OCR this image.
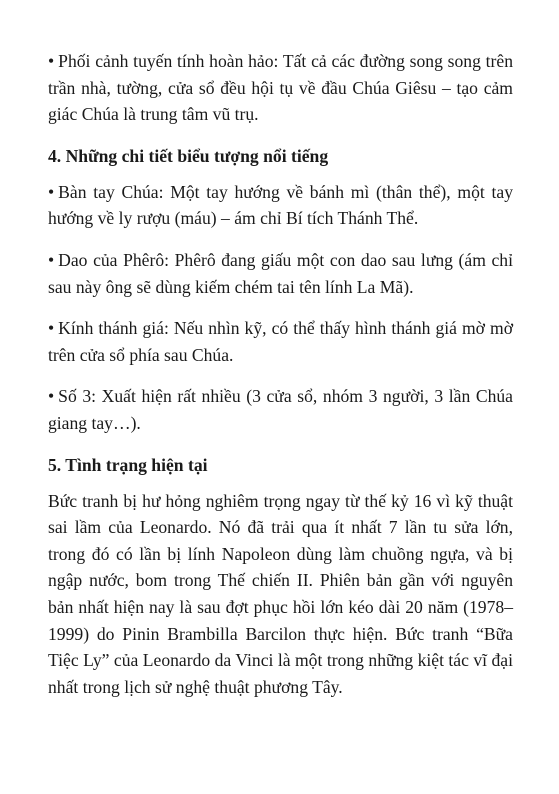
• Phối cảnh tuyến tính hoàn hảo: Tất cả các đường song song trên trần nhà, tường, cửa sổ đều hội tụ về đầu Chúa Giêsu – tạo cảm giác Chúa là trung tâm vũ trụ.

4. Những chi tiết biểu tượng nổi tiếng

• Bàn tay Chúa: Một tay hướng về bánh mì (thân thể), một tay hướng về ly rượu (máu) – ám chỉ Bí tích Thánh Thể.

• Dao của Phêrô: Phêrô đang giấu một con dao sau lưng (ám chỉ sau này ông sẽ dùng kiếm chém tai tên lính La Mã).

• Kính thánh giá: Nếu nhìn kỹ, có thể thấy hình thánh giá mờ mờ trên cửa sổ phía sau Chúa.

• Số 3: Xuất hiện rất nhiều (3 cửa sổ, nhóm 3 người, 3 lần Chúa giang tay…).

5. Tình trạng hiện tại

Bức tranh bị hư hỏng nghiêm trọng ngay từ thế kỷ 16 vì kỹ thuật sai lầm của Leonardo. Nó đã trải qua ít nhất 7 lần tu sửa lớn, trong đó có lần bị lính Napoleon dùng làm chuồng ngựa, và bị ngập nước, bom trong Thế chiến II. Phiên bản gần với nguyên bản nhất hiện nay là sau đợt phục hồi lớn kéo dài 20 năm (1978–1999) do Pinin Brambilla Barcilon thực hiện. Bức tranh “Bữa Tiệc Ly” của Leonardo da Vinci là một trong những kiệt tác vĩ đại nhất trong lịch sử nghệ thuật phương Tây.
